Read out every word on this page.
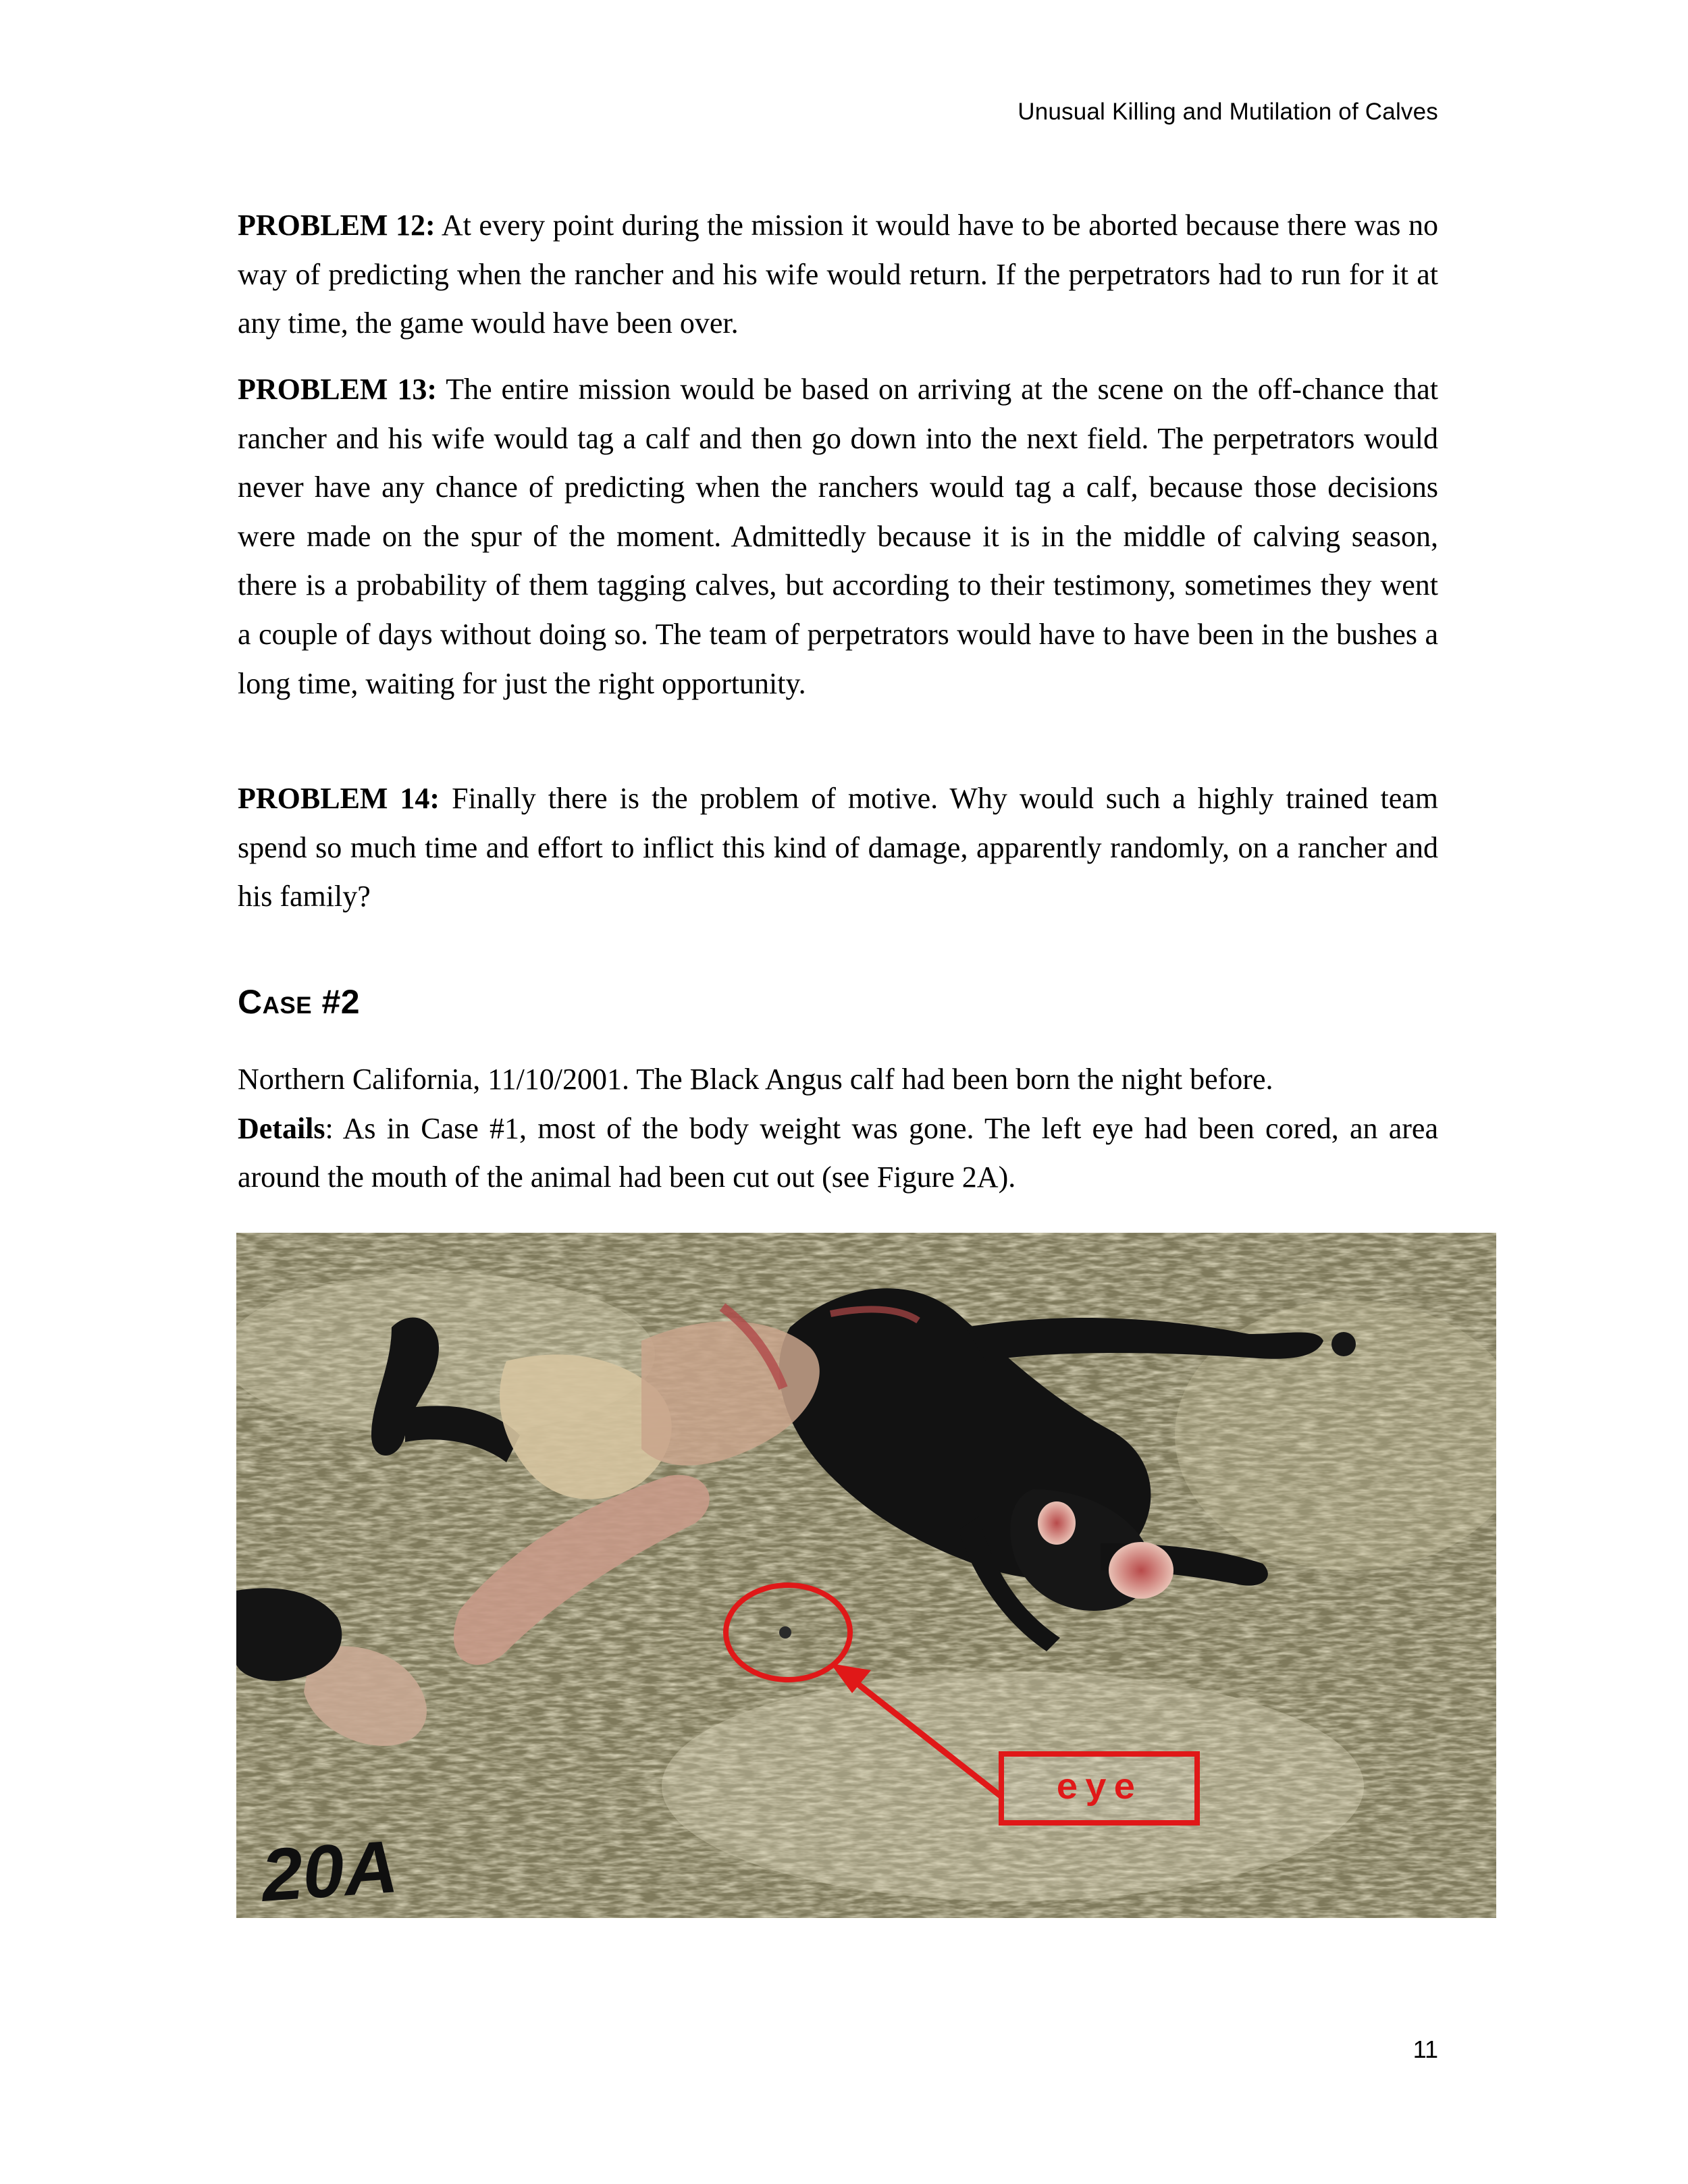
Unusual Killing and Mutilation of Calves

PROBLEM 12: At every point during the mission it would have to be aborted because there was no way of predicting when the rancher and his wife would return. If the perpetrators had to run for it at any time, the game would have been over.

PROBLEM 13: The entire mission would be based on arriving at the scene on the off-chance that rancher and his wife would tag a calf and then go down into the next field. The perpetrators would never have any chance of predicting when the ranchers would tag a calf, because those decisions were made on the spur of the moment. Admittedly because it is in the middle of calving season, there is a probability of them tagging calves, but according to their testimony, sometimes they went a couple of days without doing so. The team of perpetrators would have to have been in the bushes a long time, waiting for just the right opportunity.

PROBLEM 14: Finally there is the problem of motive. Why would such a highly trained team spend so much time and effort to inflict this kind of damage, apparently randomly, on a rancher and his family?

Case #2

Northern California, 11/10/2001. The Black Angus calf had been born the night before.

Details: As in Case #1, most of the body weight was gone. The left eye had been cored, an area around the mouth of the animal had been cut out (see Figure 2A).

eye
20A
11
